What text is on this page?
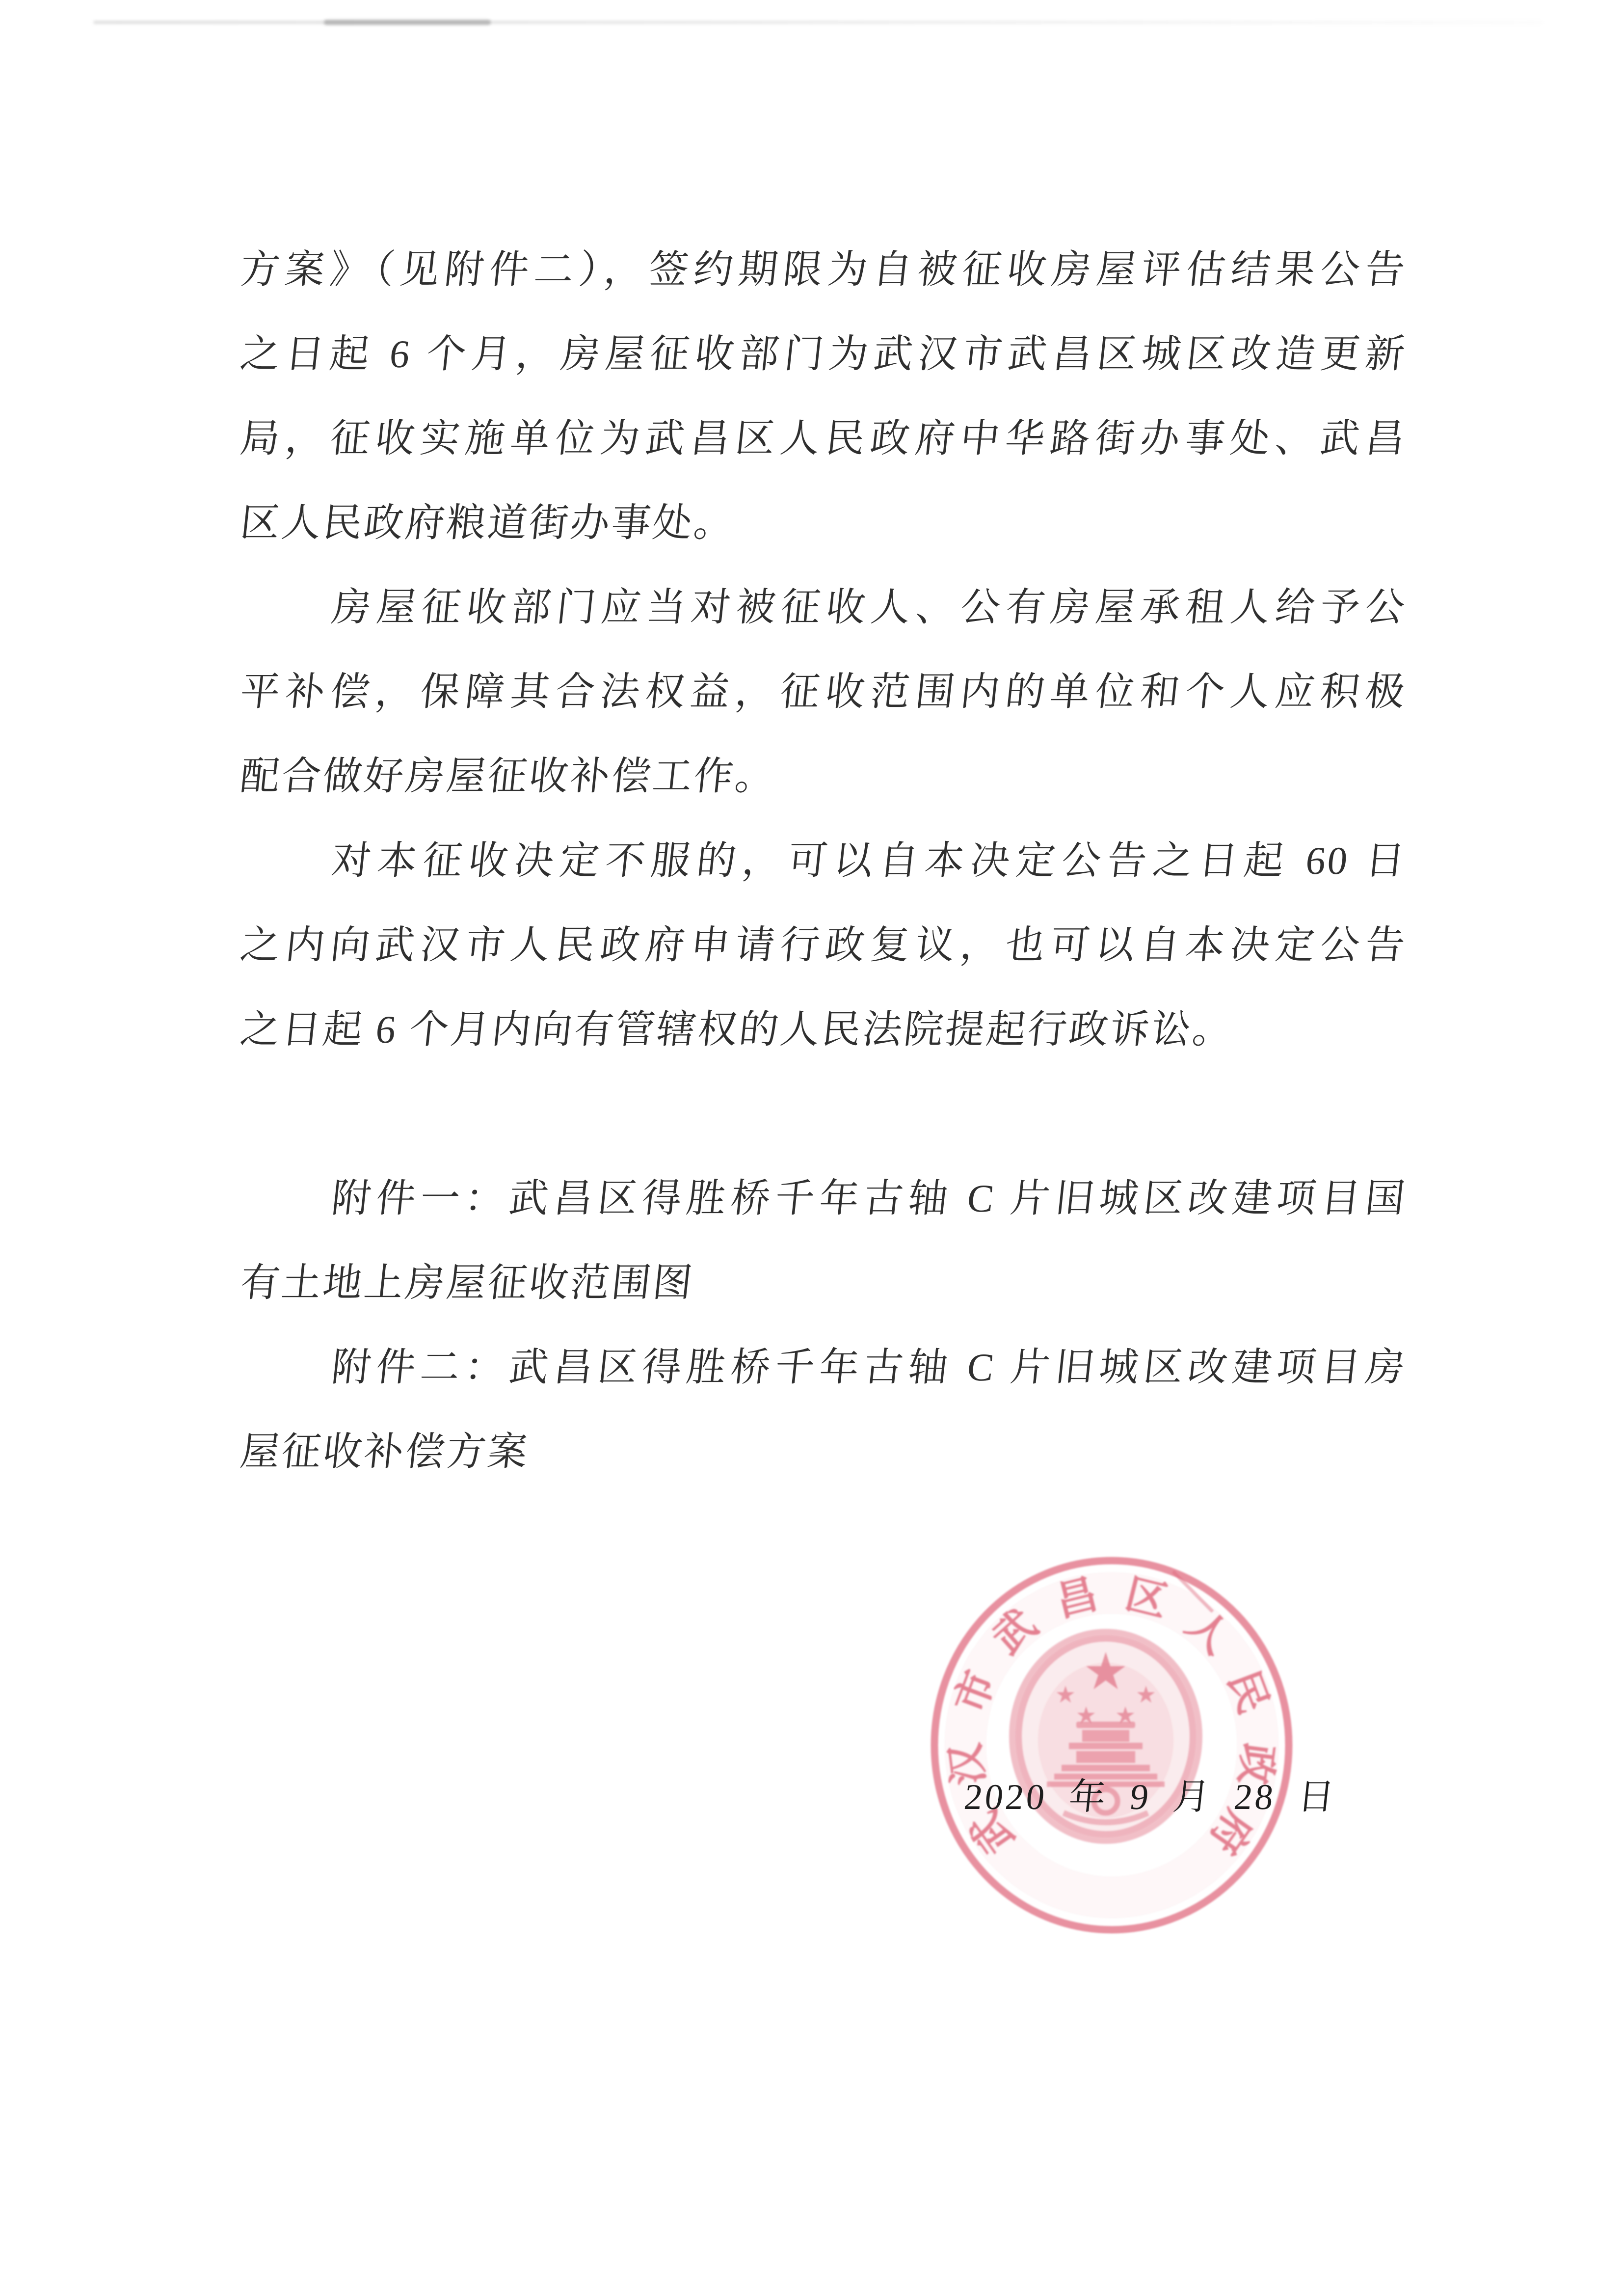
方案》（见附件二），签约期限为自被征收房屋评估结果公告

之日起 6 个月，房屋征收部门为武汉市武昌区城区改造更新

局，征收实施单位为武昌区人民政府中华路街办事处、武昌

区人民政府粮道街办事处。

房屋征收部门应当对被征收人、公有房屋承租人给予公

平补偿，保障其合法权益，征收范围内的单位和个人应积极

配合做好房屋征收补偿工作。

对本征收决定不服的，可以自本决定公告之日起 60 日

之内向武汉市人民政府申请行政复议，也可以自本决定公告

之日起 6 个月内向有管辖权的人民法院提起行政诉讼。

附件一：武昌区得胜桥千年古轴 C 片旧城区改建项目国

有土地上房屋征收范围图

附件二：武昌区得胜桥千年古轴 C 片旧城区改建项目房

屋征收补偿方案

武
汉
市
武
昌 区
人
民
政
府
2020 年 9 月 28 日
